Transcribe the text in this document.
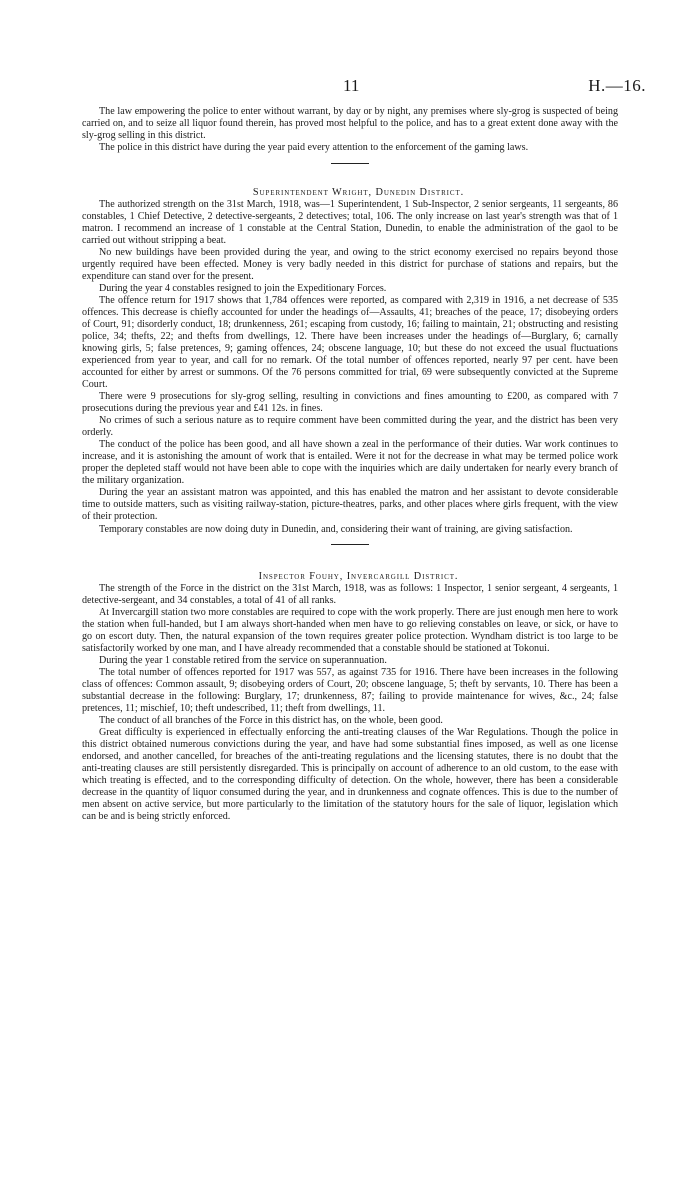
11	H.—16.

The law empowering the police to enter without warrant, by day or by night, any premises where sly-grog is suspected of being carried on, and to seize all liquor found therein, has proved most helpful to the police, and has to a great extent done away with the sly-grog selling in this district.

The police in this district have during the year paid every attention to the enforcement of the gaming laws.

Superintendent Wright, Dunedin District.

The authorized strength on the 31st March, 1918, was—1 Superintendent, 1 Sub-Inspector, 2 senior sergeants, 11 sergeants, 86 constables, 1 Chief Detective, 2 detective-sergeants, 2 detectives; total, 106. The only increase on last year's strength was that of 1 matron. I recommend an increase of 1 constable at the Central Station, Dunedin, to enable the administration of the gaol to be carried out without stripping a beat.

No new buildings have been provided during the year, and owing to the strict economy exercised no repairs beyond those urgently required have been effected. Money is very badly needed in this district for purchase of stations and repairs, but the expenditure can stand over for the present.

During the year 4 constables resigned to join the Expeditionary Forces.

The offence return for 1917 shows that 1,784 offences were reported, as compared with 2,319 in 1916, a net decrease of 535 offences. This decrease is chiefly accounted for under the headings of—Assaults, 41; breaches of the peace, 17; disobeying orders of Court, 91; disorderly conduct, 18; drunkenness, 261; escaping from custody, 16; failing to maintain, 21; obstructing and resisting police, 34; thefts, 22; and thefts from dwellings, 12. There have been increases under the headings of—Burglary, 6; carnally knowing girls, 5; false pretences, 9; gaming offences, 24; obscene language, 10; but these do not exceed the usual fluctuations experienced from year to year, and call for no remark. Of the total number of offences reported, nearly 97 per cent. have been accounted for either by arrest or summons. Of the 76 persons committed for trial, 69 were subsequently convicted at the Supreme Court.

There were 9 prosecutions for sly-grog selling, resulting in convictions and fines amounting to £200, as compared with 7 prosecutions during the previous year and £41 12s. in fines.

No crimes of such a serious nature as to require comment have been committed during the year, and the district has been very orderly.

The conduct of the police has been good, and all have shown a zeal in the performance of their duties. War work continues to increase, and it is astonishing the amount of work that is entailed. Were it not for the decrease in what may be termed police work proper the depleted staff would not have been able to cope with the inquiries which are daily undertaken for nearly every branch of the military organization.

During the year an assistant matron was appointed, and this has enabled the matron and her assistant to devote considerable time to outside matters, such as visiting railway-station, picture-theatres, parks, and other places where girls frequent, with the view of their protection.

Temporary constables are now doing duty in Dunedin, and, considering their want of training, are giving satisfaction.

Inspector Fouhy, Invercargill District.

The strength of the Force in the district on the 31st March, 1918, was as follows: 1 Inspector, 1 senior sergeant, 4 sergeants, 1 detective-sergeant, and 34 constables, a total of 41 of all ranks.

At Invercargill station two more constables are required to cope with the work properly. There are just enough men here to work the station when full-handed, but I am always short-handed when men have to go relieving constables on leave, or sick, or have to go on escort duty. Then, the natural expansion of the town requires greater police protection. Wyndham district is too large to be satisfactorily worked by one man, and I have already recommended that a constable should be stationed at Tokonui.

During the year 1 constable retired from the service on superannuation.

The total number of offences reported for 1917 was 557, as against 735 for 1916. There have been increases in the following class of offences: Common assault, 9; disobeying orders of Court, 20; obscene language, 5; theft by servants, 10. There has been a substantial decrease in the following: Burglary, 17; drunkenness, 87; failing to provide maintenance for wives, &c., 24; false pretences, 11; mischief, 10; theft undescribed, 11; theft from dwellings, 11.

The conduct of all branches of the Force in this district has, on the whole, been good.

Great difficulty is experienced in effectually enforcing the anti-treating clauses of the War Regulations. Though the police in this district obtained numerous convictions during the year, and have had some substantial fines imposed, as well as one license endorsed, and another cancelled, for breaches of the anti-treating regulations and the licensing statutes, there is no doubt that the anti-treating clauses are still persistently disregarded. This is principally on account of adherence to an old custom, to the ease with which treating is effected, and to the corresponding difficulty of detection. On the whole, however, there has been a considerable decrease in the quantity of liquor consumed during the year, and in drunkenness and cognate offences. This is due to the number of men absent on active service, but more particularly to the limitation of the statutory hours for the sale of liquor, legislation which can be and is being strictly enforced.
